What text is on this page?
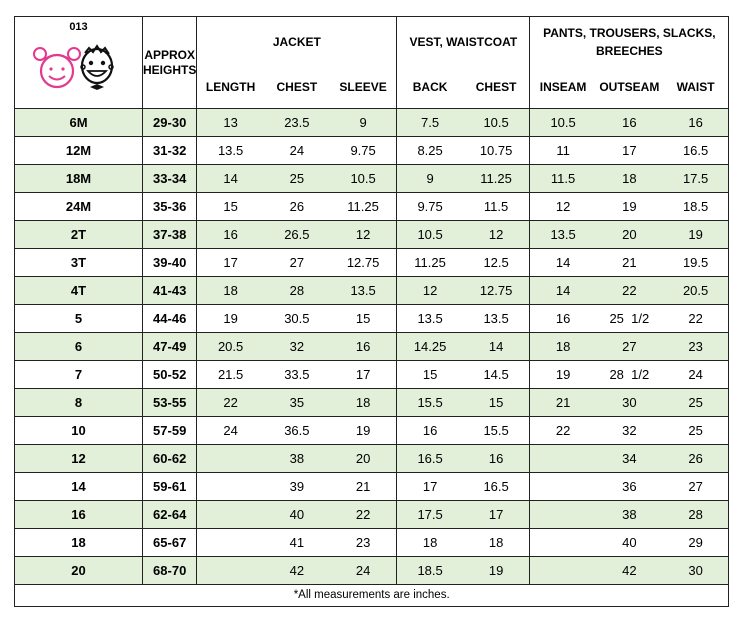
013	APPROX HEIGHTS	JACKET			VEST, WAISTCOAT		PANTS, TROUSERS, SLACKS, BREECHES		
		LENGTH	CHEST	SLEEVE	BACK	CHEST	INSEAM	OUTSEAM	WAIST
6M	29-30	13	23.5	9	7.5	10.5	10.5	16	16
12M	31-32	13.5	24	9.75	8.25	10.75	11	17	16.5
18M	33-34	14	25	10.5	9	11.25	11.5	18	17.5
24M	35-36	15	26	11.25	9.75	11.5	12	19	18.5
2T	37-38	16	26.5	12	10.5	12	13.5	20	19
3T	39-40	17	27	12.75	11.25	12.5	14	21	19.5
4T	41-43	18	28	13.5	12	12.75	14	22	20.5
5	44-46	19	30.5	15	13.5	13.5	16	25  1/2	22
6	47-49	20.5	32	16	14.25	14	18	27	23
7	50-52	21.5	33.5	17	15	14.5	19	28  1/2	24
8	53-55	22	35	18	15.5	15	21	30	25
10	57-59	24	36.5	19	16	15.5	22	32	25
12	60-62		38	20	16.5	16		34	26
14	59-61		39	21	17	16.5		36	27
16	62-64		40	22	17.5	17		38	28
18	65-67		41	23	18	18		40	29
20	68-70		42	24	18.5	19		42	30
*All measurements are inches.									
